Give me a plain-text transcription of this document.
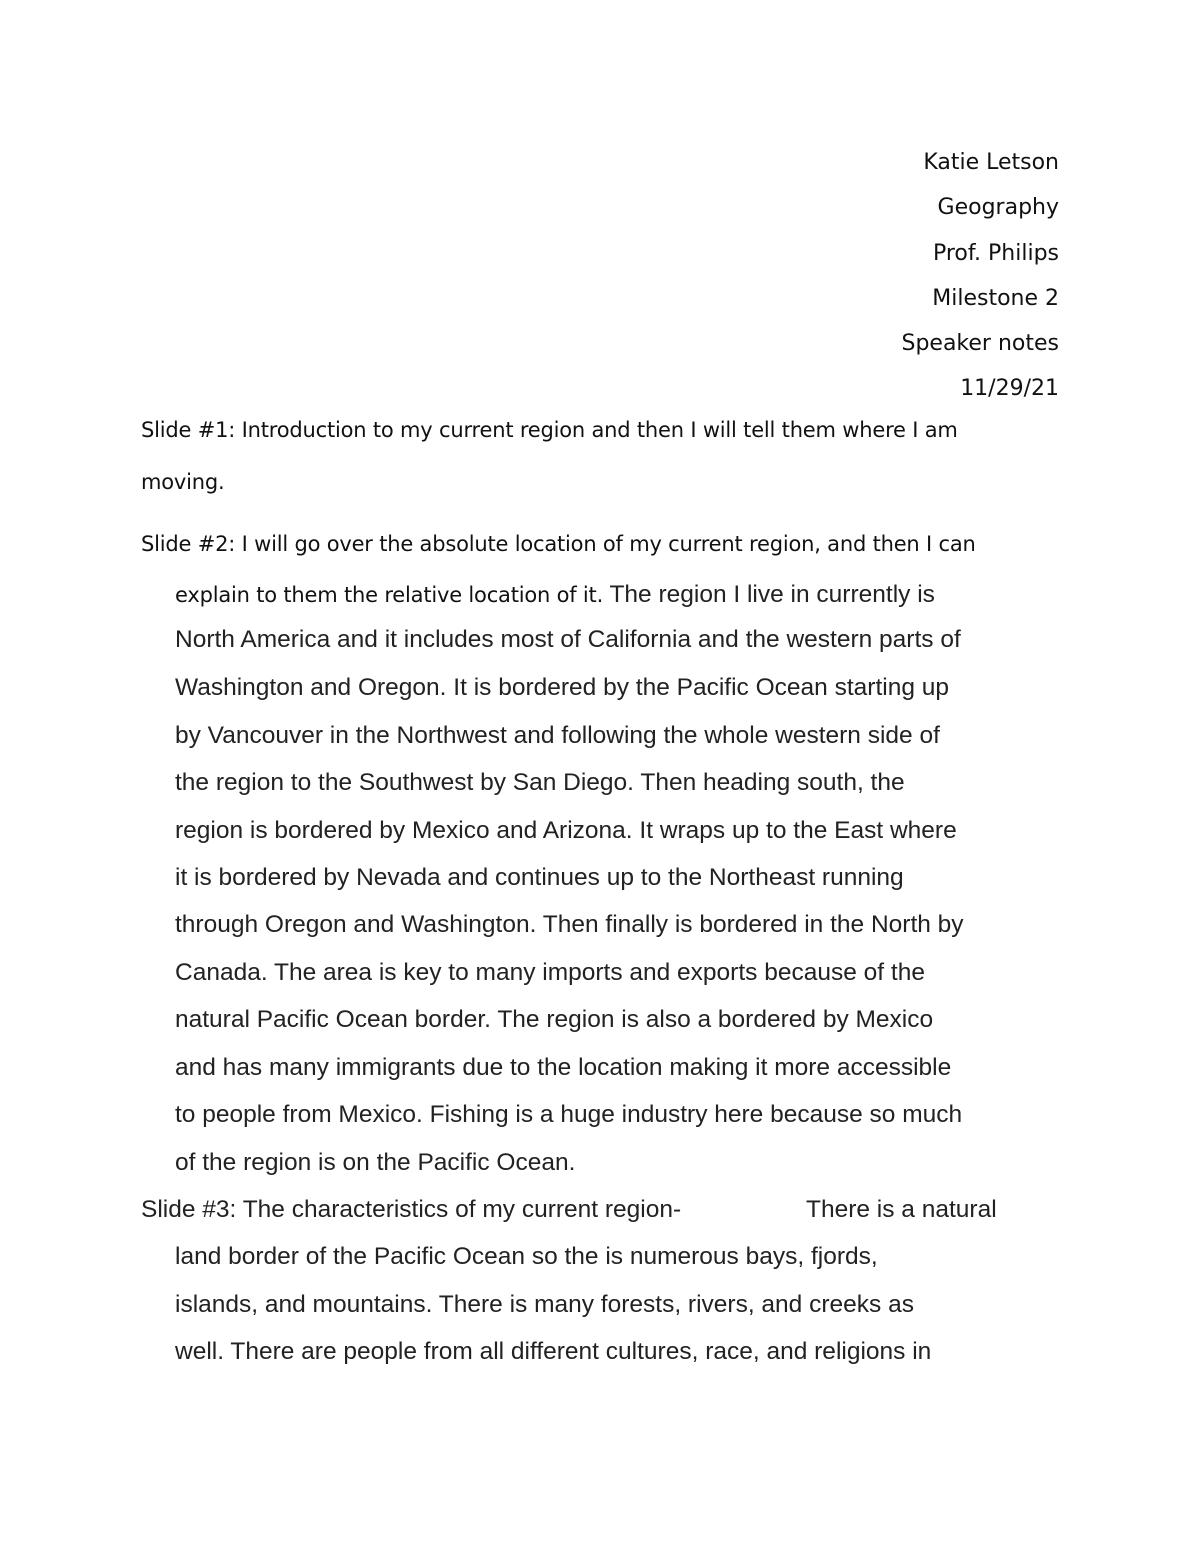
Katie Letson
Geography
Prof. Philips
Milestone 2
Speaker notes
11/29/21
Slide #1: Introduction to my current region and then I will tell them where I am
moving.
Slide #2: I will go over the absolute location of my current region, and then I can
explain to them the relative location of it. The region I live in currently is
North America and it includes most of California and the western parts of
Washington and Oregon. It is bordered by the Pacific Ocean starting up
by Vancouver in the Northwest and following the whole western side of
the region to the Southwest by San Diego. Then heading south, the
region is bordered by Mexico and Arizona. It wraps up to the East where
it is bordered by Nevada and continues up to the Northeast running
through Oregon and Washington. Then finally is bordered in the North by
Canada. The area is key to many imports and exports because of the
natural Pacific Ocean border. The region is also a bordered by Mexico
and has many immigrants due to the location making it more accessible
to people from Mexico. Fishing is a huge industry here because so much
of the region is on the Pacific Ocean.
Slide #3: The characteristics of my current region-	There is a natural
land border of the Pacific Ocean so the is numerous bays, fjords,
islands, and mountains. There is many forests, rivers, and creeks as
well. There are people from all different cultures, race, and religions in
